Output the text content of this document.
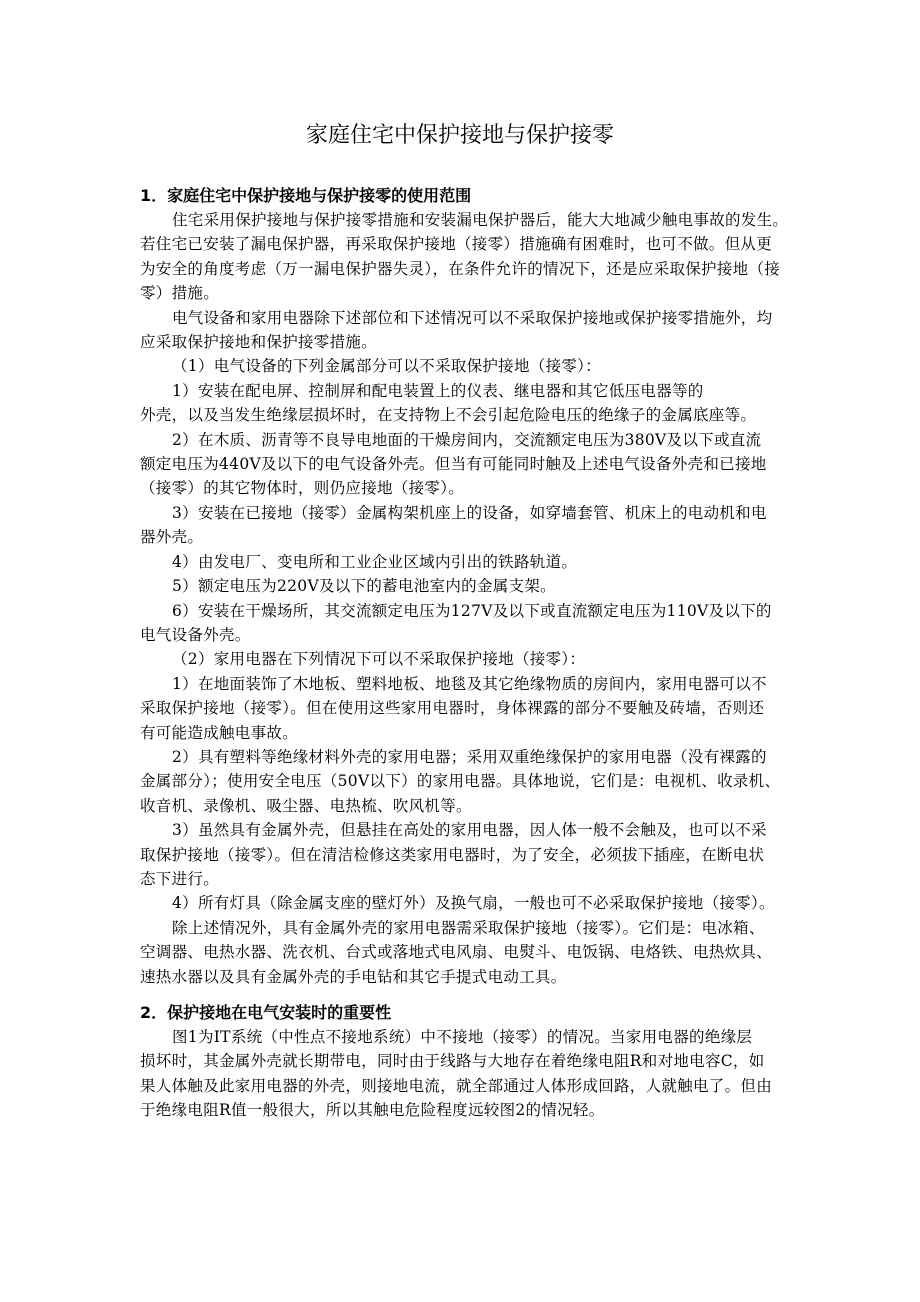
家庭住宅中保护接地与保护接零
1．家庭住宅中保护接地与保护接零的使用范围
住宅采用保护接地与保护接零措施和安装漏电保护器后，能大大地减少触电事故的发生。
若住宅已安装了漏电保护器，再采取保护接地（接零）措施确有困难时，也可不做。但从更
为安全的角度考虑（万一漏电保护器失灵），在条件允许的情况下，还是应采取保护接地（接
零）措施。
电气设备和家用电器除下述部位和下述情况可以不采取保护接地或保护接零措施外，均
应采取保护接地和保护接零措施。
（1）电气设备的下列金属部分可以不采取保护接地（接零）：
1）安装在配电屏、控制屏和配电装置上的仪表、继电器和其它低压电器等的
外壳，以及当发生绝缘层损坏时，在支持物上不会引起危险电压的绝缘子的金属底座等。
2）在木质、沥青等不良导电地面的干燥房间内，交流额定电压为380V及以下或直流
额定电压为440V及以下的电气设备外壳。但当有可能同时触及上述电气设备外壳和已接地
（接零）的其它物体时，则仍应接地（接零）。
3）安装在已接地（接零）金属构架机座上的设备，如穿墙套管、机床上的电动机和电
器外壳。
4）由发电厂、变电所和工业企业区域内引出的铁路轨道。
5）额定电压为220V及以下的蓄电池室内的金属支架。
6）安装在干燥场所，其交流额定电压为127V及以下或直流额定电压为110V及以下的
电气设备外壳。
（2）家用电器在下列情况下可以不采取保护接地（接零）：
1）在地面装饰了木地板、塑料地板、地毯及其它绝缘物质的房间内，家用电器可以不
采取保护接地（接零）。但在使用这些家用电器时，身体裸露的部分不要触及砖墙，否则还
有可能造成触电事故。
2）具有塑料等绝缘材料外壳的家用电器；采用双重绝缘保护的家用电器（没有裸露的
金属部分）；使用安全电压（50V以下）的家用电器。具体地说，它们是：电视机、收录机、
收音机、录像机、吸尘器、电热梳、吹风机等。
3）虽然具有金属外壳，但悬挂在高处的家用电器，因人体一般不会触及，也可以不采
取保护接地（接零）。但在清洁检修这类家用电器时，为了安全，必须拔下插座，在断电状
态下进行。
4）所有灯具（除金属支座的壁灯外）及换气扇，一般也可不必采取保护接地（接零）。
除上述情况外，具有金属外壳的家用电器需采取保护接地（接零）。它们是：电冰箱、
空调器、电热水器、洗衣机、台式或落地式电风扇、电熨斗、电饭锅、电烙铁、电热炊具、
速热水器以及具有金属外壳的手电钻和其它手提式电动工具。
2．保护接地在电气安装时的重要性
图1为IT系统（中性点不接地系统）中不接地（接零）的情况。当家用电器的绝缘层
损坏时，其金属外壳就长期带电，同时由于线路与大地存在着绝缘电阻R和对地电容C，如
果人体触及此家用电器的外壳，则接地电流，就全部通过人体形成回路，人就触电了。但由
于绝缘电阻R值一般很大，所以其触电危险程度远较图2的情况轻。
